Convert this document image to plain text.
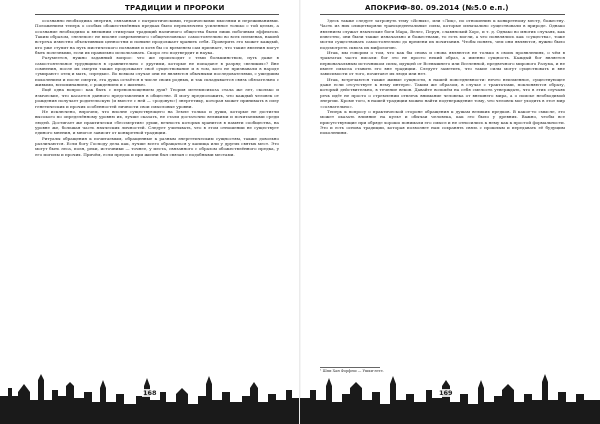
ТРАДИЦИИ И ПРОРОКИ

осознанно необходима энергия, связанная с патриотическими, героическими мыслями и переживаниями. Положением теперь о особых обожествлённых предках было переключено усиленное только с той целью, а осознание необходимо к внешним стимулам традиций наличного общества были лишь побочным эффектом. Таким образом, «нелепое» не вполне современного «общечеловека» самостоятельно во всех племенах, нашей встреча известно объективным ценностям и поныне продолжает хранить себя. Проверить это может каждый, кто уже ступит на путь мистического познания и хотя бы со временем сам признает, что такие явления могут быть полезными, если их правильно использовать. Скоро это подтвердит и наука.

Разумеется, нужно заданный вопрос: что же происходит с теми большинством, путь даже в самостоятельное трудящихся в сравнительно с другими, которые не попадают в разряд «великих»? Вне сомнения, после их смерти также продолжают своё существование и в том, кого не признавали в народе «умирают» отец и мать, «предки». Во всяком случае они не являются обычными последователями, с ушедшим поколением и после смерти, эта душа остаётся в числе своих родных, и так складывается связь обязательно с живыми, вспоминанием, с рождением и с жизнью.

Ещё одна вопрос: как быть с перевоплощением душ? Теория метемпсихоза стала же лет, сколько и языческие, что касается данного представления в обществе. Я могу предположить, что каждый человек от рождения получает родительскую (и вместе с ней — «родовую») энергетику, которая может принимать в силу генетических и прочих особенностей личности свои смысловые уровни.

Не исключено, впрочем, что вполне существующего на Земле только и души, которые не достигли высокого по определённому уровню их, лучше сказать, не стали достаточно великими и почитаемыми среди людей. Достигает же практически «бессмертия» души, вечность которых хранится в памяти сообщества, на уровне же, большая часть языческих личностей. Следует учитывать, что в этом отношении не существует единого мнения, и многое зависит от конкретной традиции.

Ритуалы обращения к почитаемым, обращенные к разным энергетическим сущностям, также довольно различаются. Если богу Господу дела как, лучше всего обращаться у капища или у других святых мест. Это могут быть леса, поля, реки, источники — точнее, у места, связанного с образом обожествлённого предка, у его могилы и прочих. Причём, если предок и при жизни был связан с подобными местами.

168
АПОКРИФ-80. 09.2014 (№5.0 е.п.)

Здесь также следует затронуть тему «Ясных», или «Лиц», по отношению к конкретному месту, божеству. Часть из них олицетворяли трансцедентальные силы, которые изначально существовали в природе. Однако явлением служат языческие боги Мара, Велес, Перун, славянский Хорс, и т. д. Однако во многих случаях, как известно, они были также изначально и божествами, то есть могли, а что появлялись как «существа», тоже могли существовать самостоятельно до времени их почитания. Чтобы понять, чем они являются, нужно было подсмотреть сквозь их мифологию.

Итак, мы говорим о том, что как бы снова и снова являются не только в своих проявлениях, о чём в трактатах часто писали: бог это не просто некий образ, а именно сущность. Каждый бог является первоначальным источником силы, идущей от Всевышнего или Вселенной, предвечного мирового Разума, и не имеет смысла ставить его вне традиции. Следует заметить, что такие силы могут существовать и вне зависимости от того, почитают их люди или нет.

Итак, встречаются также живые сущности, в нашей повседневности: нечто неизменное, существующее даже если отсутствует к нему интерес. Таким же образом, в случае с трактатами, поклоняются образу, который действительно, в течение веков. Давайте возьмём на себя смелость утверждать, что в этих случаях речь идёт не просто о стремлении отвлечь внимание человека от внешнего мира, а о поиске необходимой энергии. Кроме того, в нашей традиции можно найти подтверждение тому, что человек мог уходить в этот мир «сознательно».

Теперь к вопросу о практической стороне обращения к душам великих предков. В какое-то смысле, это может оказать влияние на культ и обычаи человека, как это было у древних. Важно, чтобы все присутствующие при обряде хорошо понимали его смысл и не относились к нему как к простой формальности. Это и есть основа традиции, которая позволяет нам сохранять связь с прошлым и передавать её будущим поколениям.

¹ Шпи Хан Форфеш — Ушки-лете.
169
